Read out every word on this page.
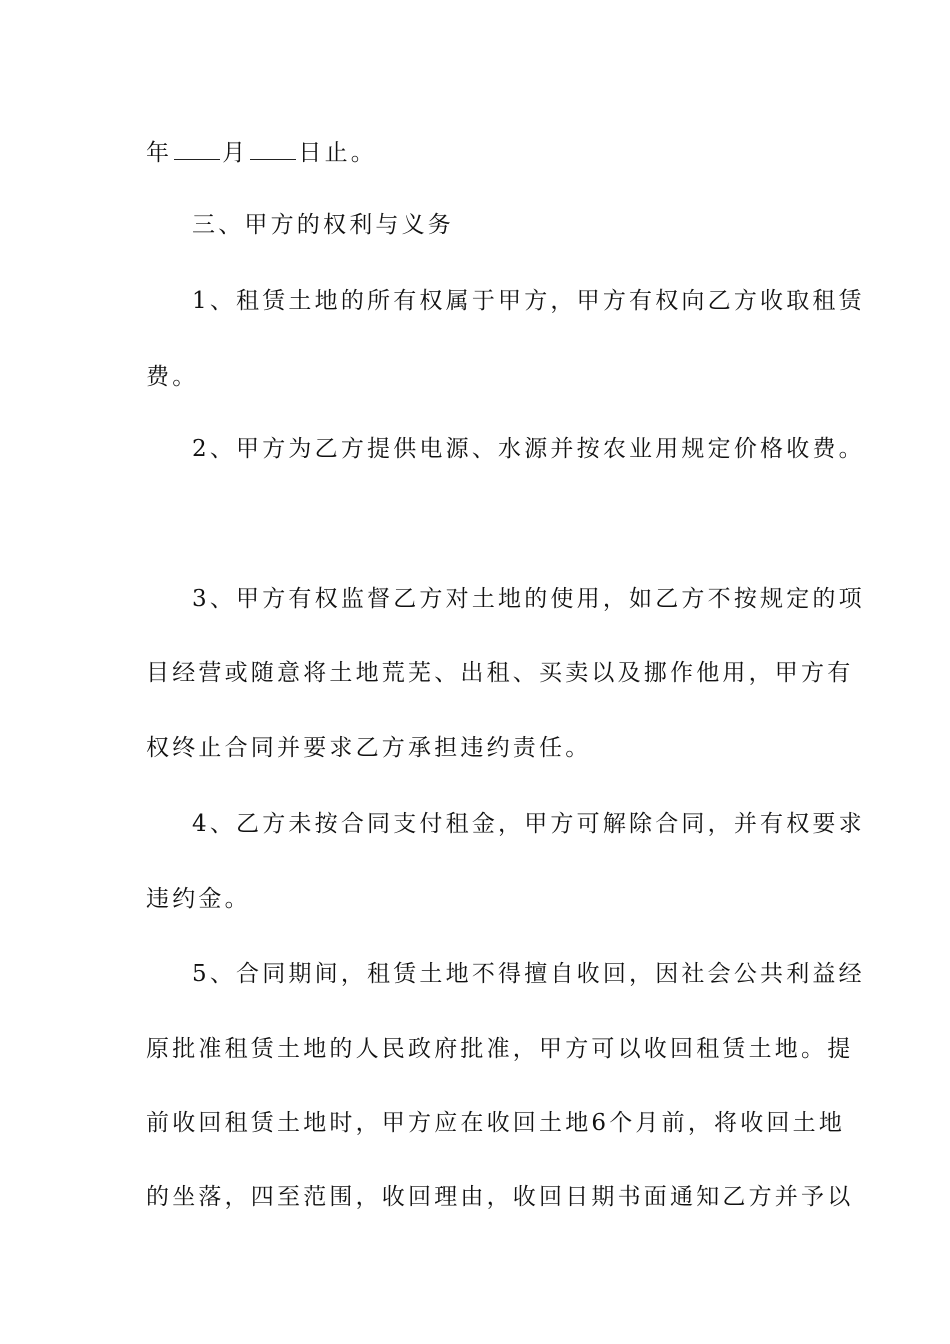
年 月 日止。
三、甲方的权利与义务
1、租赁土地的所有权属于甲方，甲方有权向乙方收取租赁
费。
2、甲方为乙方提供电源、水源并按农业用规定价格收费。
3、甲方有权监督乙方对土地的使用，如乙方不按规定的项
目经营或随意将土地荒芜、出租、买卖以及挪作他用，甲方有
权终止合同并要求乙方承担违约责任。
4、乙方未按合同支付租金，甲方可解除合同，并有权要求
违约金。
5、合同期间，租赁土地不得擅自收回，因社会公共利益经
原批准租赁土地的人民政府批准，甲方可以收回租赁土地。提
前收回租赁土地时，甲方应在收回土地6个月前，将收回土地
的坐落，四至范围，收回理由，收回日期书面通知乙方并予以
